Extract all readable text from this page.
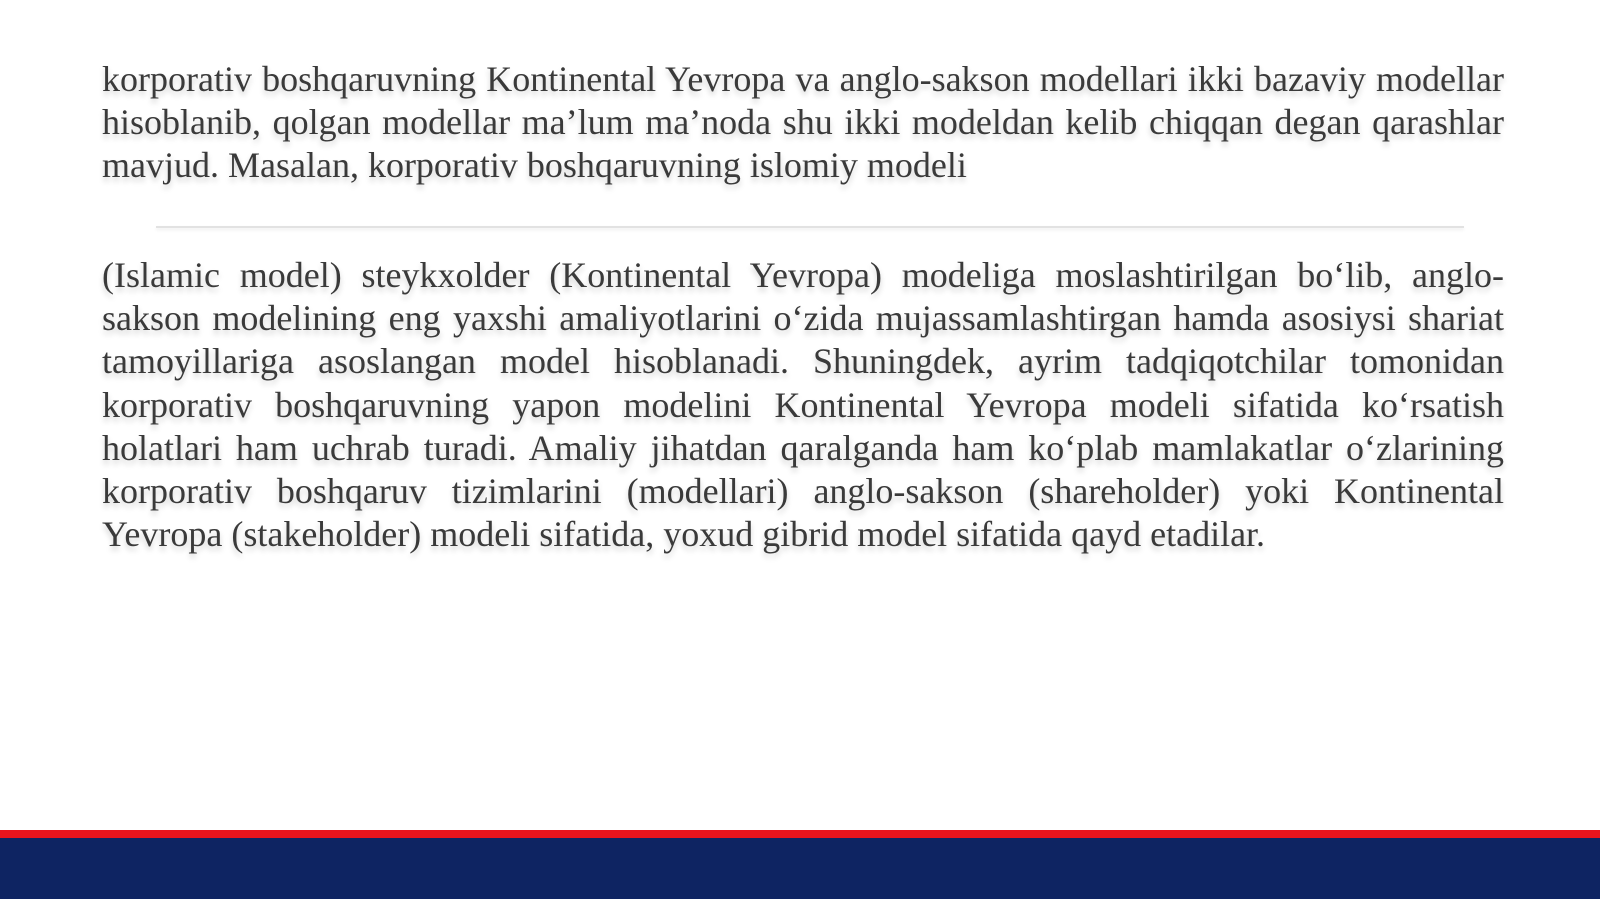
korporativ boshqaruvning Kontinental Yevropa va anglo-sakson modellari ikki bazaviy modellar hisoblanib, qolgan modellar ma’lum ma’noda shu ikki modeldan kelib chiqqan degan qarashlar mavjud. Masalan, korporativ boshqaruvning islomiy modeli

(Islamic model) steykxolder (Kontinental Yevropa) modeliga moslashtirilgan bo‘lib, anglo-sakson modelining eng yaxshi amaliyotlarini o‘zida mujassamlashtirgan hamda asosiysi shariat tamoyillariga asoslangan model hisoblanadi. Shuningdek, ayrim tadqiqotchilar tomonidan korporativ boshqaruvning yapon modelini Kontinental Yevropa modeli sifatida ko‘rsatish holatlari ham uchrab turadi. Amaliy jihatdan qaralganda ham ko‘plab mamlakatlar o‘zlarining korporativ boshqaruv tizimlarini (modellari) anglo-sakson (shareholder) yoki Kontinental Yevropa (stakeholder) modeli sifatida, yoxud gibrid model sifatida qayd etadilar.
